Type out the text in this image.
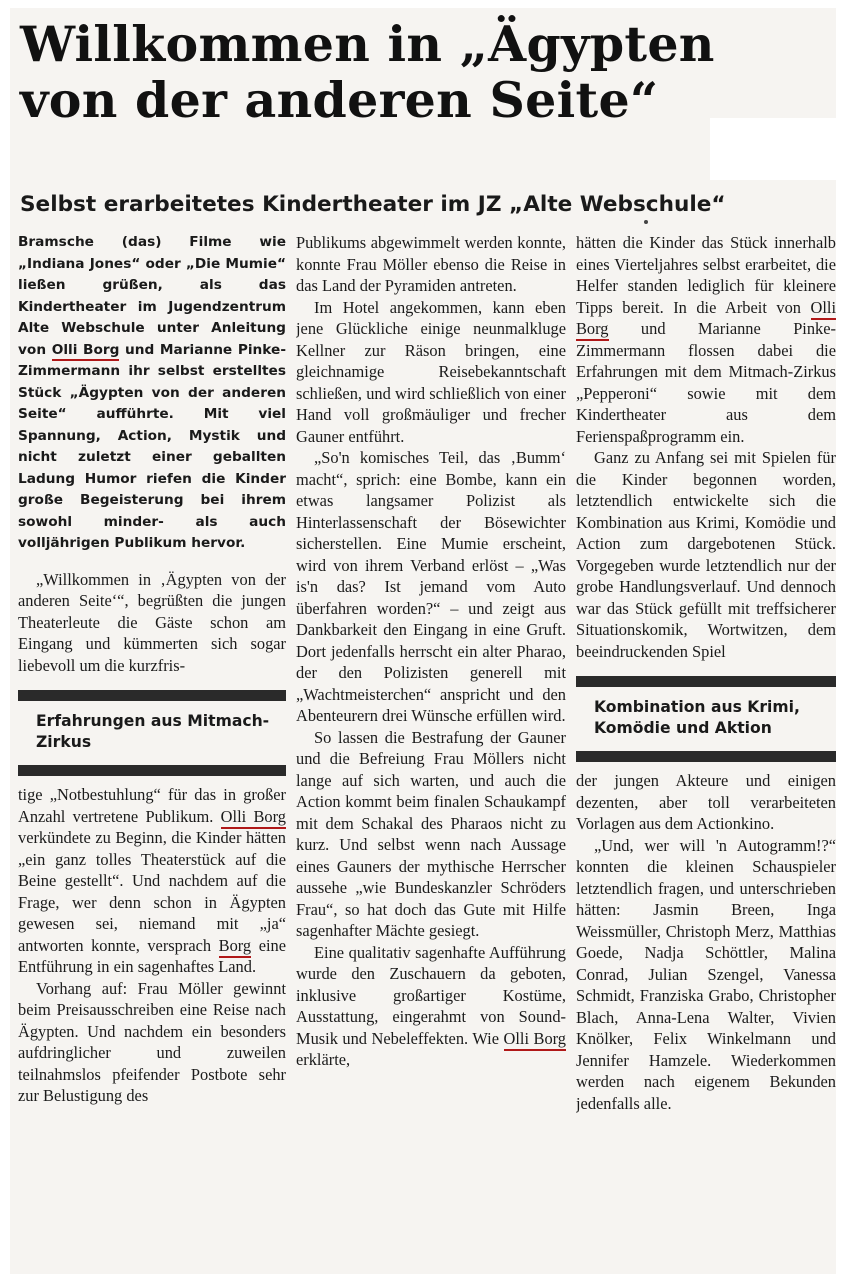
Willkommen in „Ägypten
von der anderen Seite“
Selbst erarbeitetes Kindertheater im JZ „Alte Webschule“

Bramsche (das) Filme wie „Indiana Jones“ oder „Die Mumie“ ließen grüßen, als das Kindertheater im Jugendzentrum Alte Webschule unter Anleitung von Olli Borg und Marianne Pinke-Zimmermann ihr selbst erstelltes Stück „Ägypten von der anderen Seite“ aufführte. Mit viel Spannung, Action, Mystik und nicht zuletzt einer geballten Ladung Humor riefen die Kinder große Begeisterung bei ihrem sowohl minder- als auch volljährigen Publikum hervor.

„Willkommen in ‚Ägypten von der anderen Seite‘“, begrüßten die jungen Theaterleute die Gäste schon am Eingang und kümmerten sich sogar liebevoll um die kurzfris-

Erfahrungen aus Mitmach-Zirkus

tige „Notbestuhlung“ für das in großer Anzahl vertretene Publikum. Olli Borg verkündete zu Beginn, die Kinder hätten „ein ganz tolles Theaterstück auf die Beine gestellt“. Und nachdem auf die Frage, wer denn schon in Ägypten gewesen sei, niemand mit „ja“ antworten konnte, versprach Borg eine Entführung in ein sagenhaftes Land.

Vorhang auf: Frau Möller gewinnt beim Preisausschreiben eine Reise nach Ägypten. Und nachdem ein besonders aufdringlicher und zuweilen teilnahmslos pfeifender Postbote sehr zur Belustigung des

Publikums abgewimmelt werden konnte, konnte Frau Möller ebenso die Reise in das Land der Pyramiden antreten.

Im Hotel angekommen, kann eben jene Glückliche einige neunmalkluge Kellner zur Räson bringen, eine gleichnamige Reisebekanntschaft schließen, und wird schließlich von einer Hand voll großmäuliger und frecher Gauner entführt.

„So'n komisches Teil, das ‚Bumm‘ macht“, sprich: eine Bombe, kann ein etwas langsamer Polizist als Hinterlassenschaft der Bösewichter sicherstellen. Eine Mumie erscheint, wird von ihrem Verband erlöst – „Was is'n das? Ist jemand vom Auto überfahren worden?“ – und zeigt aus Dankbarkeit den Eingang in eine Gruft. Dort jedenfalls herrscht ein alter Pharao, der den Polizisten generell mit „Wachtmeisterchen“ anspricht und den Abenteurern drei Wünsche erfüllen wird.

So lassen die Bestrafung der Gauner und die Befreiung Frau Möllers nicht lange auf sich warten, und auch die Action kommt beim finalen Schaukampf mit dem Schakal des Pharaos nicht zu kurz. Und selbst wenn nach Aussage eines Gauners der mythische Herrscher aussehe „wie Bundeskanzler Schröders Frau“, so hat doch das Gute mit Hilfe sagenhafter Mächte gesiegt.

Eine qualitativ sagenhafte Aufführung wurde den Zuschauern da geboten, inklusive großartiger Kostüme, Ausstattung, eingerahmt von Sound-Musik und Nebeleffekten. Wie Olli Borg erklärte,

hätten die Kinder das Stück innerhalb eines Vierteljahres selbst erarbeitet, die Helfer standen lediglich für kleinere Tipps bereit. In die Arbeit von Olli Borg und Marianne Pinke-Zimmermann flossen dabei die Erfahrungen mit dem Mitmach-Zirkus „Pepperoni“ sowie mit dem Kindertheater aus dem Ferienspaßprogramm ein.

Ganz zu Anfang sei mit Spielen für die Kinder begonnen worden, letztendlich entwickelte sich die Kombination aus Krimi, Komödie und Action zum dargebotenen Stück. Vorgegeben wurde letztendlich nur der grobe Handlungsverlauf. Und dennoch war das Stück gefüllt mit treffsicherer Situationskomik, Wortwitzen, dem beeindruckenden Spiel

Kombination aus Krimi, Komödie und Aktion

der jungen Akteure und einigen dezenten, aber toll verarbeiteten Vorlagen aus dem Actionkino.

„Und, wer will 'n Autogramm!?“ konnten die kleinen Schauspieler letztendlich fragen, und unterschrieben hätten: Jasmin Breen, Inga Weissmüller, Christoph Merz, Matthias Goede, Nadja Schöttler, Malina Conrad, Julian Szengel, Vanessa Schmidt, Franziska Grabo, Christopher Blach, Anna-Lena Walter, Vivien Knölker, Felix Winkelmann und Jennifer Hamzele. Wiederkommen werden nach eigenem Bekunden jedenfalls alle.
